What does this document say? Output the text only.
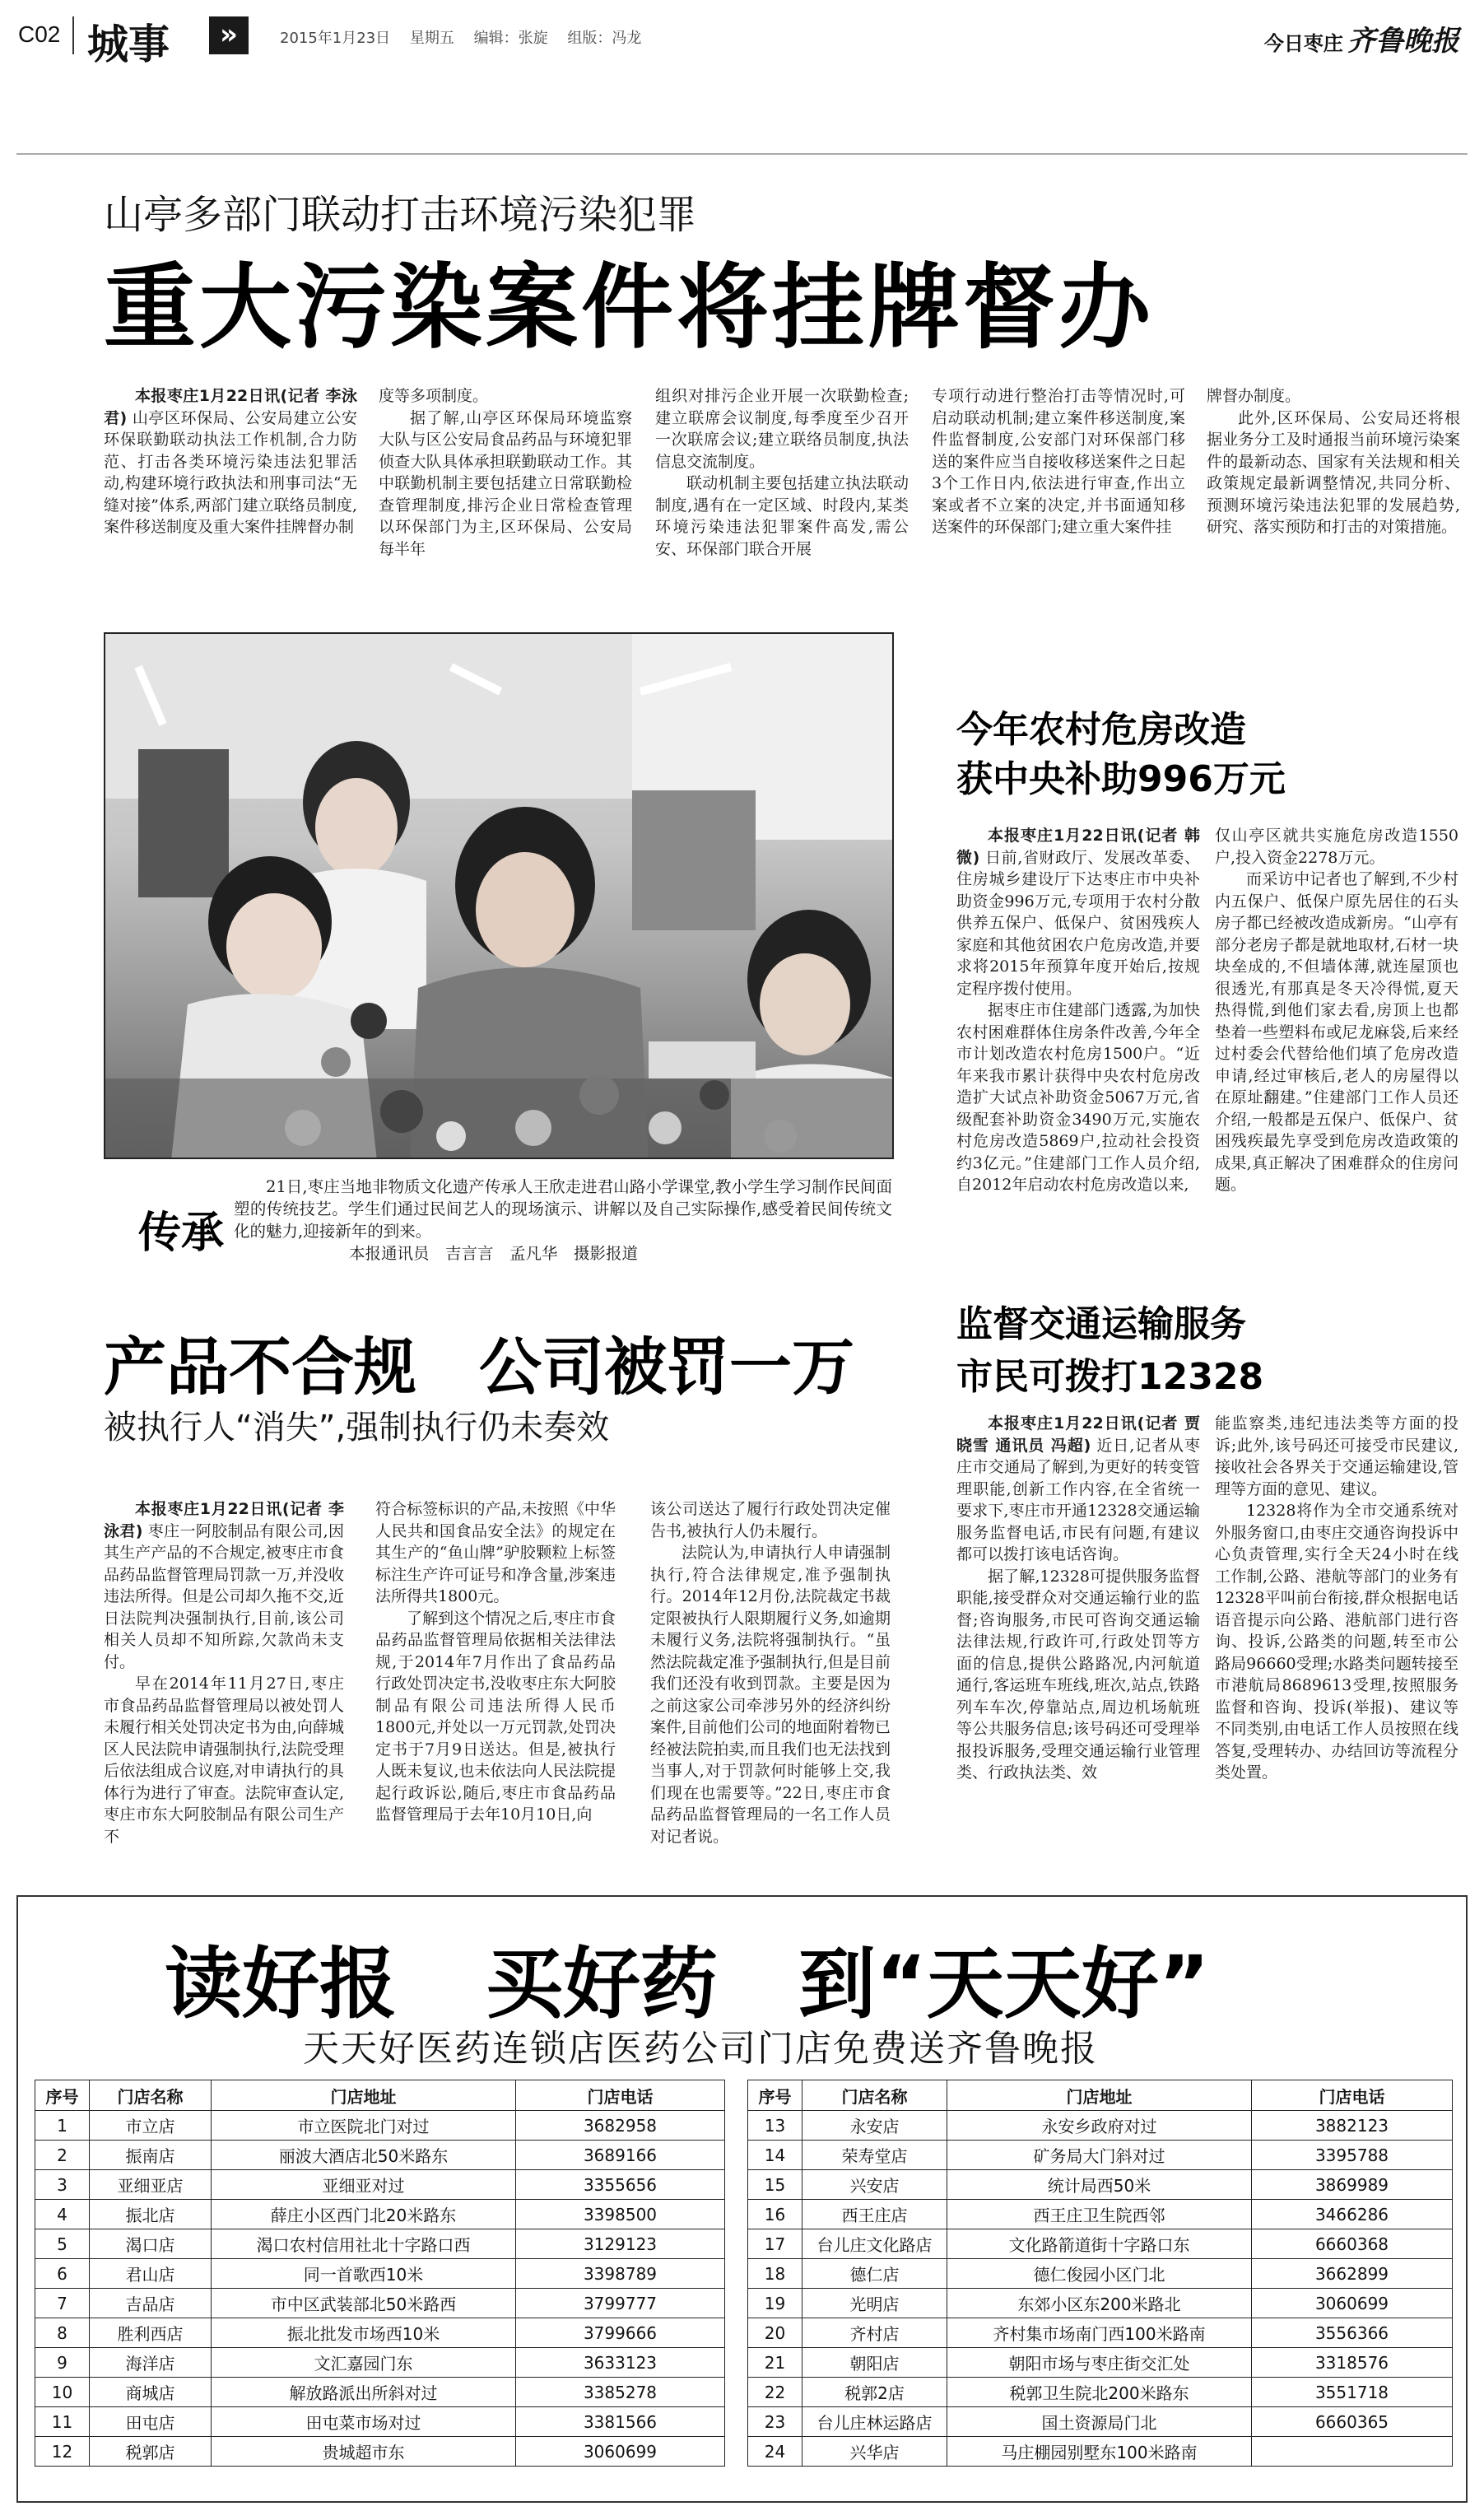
C02 城事	»	2015年1月23日　 星期五　 编辑：张旋　 组版：冯龙	今日枣庄 齐鲁晚报
山亭多部门联动打击环境污染犯罪
重大污染案件将挂牌督办

本报枣庄1月22日讯(记者 李泳君) 山亭区环保局、公安局建立公安环保联勤联动执法工作机制,合力防范、打击各类环境污染违法犯罪活动,构建环境行政执法和刑事司法“无缝对接”体系,两部门建立联络员制度,案件移送制度及重大案件挂牌督办制

度等多项制度。

据了解,山亭区环保局环境监察大队与区公安局食品药品与环境犯罪侦查大队具体承担联勤联动工作。其中联勤机制主要包括建立日常联勤检查管理制度,排污企业日常检查管理以环保部门为主,区环保局、公安局每半年

组织对排污企业开展一次联勤检查;建立联席会议制度,每季度至少召开一次联席会议;建立联络员制度,执法信息交流制度。

联动机制主要包括建立执法联动制度,遇有在一定区域、时段内,某类环境污染违法犯罪案件高发,需公安、环保部门联合开展

专项行动进行整治打击等情况时,可启动联动机制;建立案件移送制度,案件监督制度,公安部门对环保部门移送的案件应当自接收移送案件之日起3个工作日内,依法进行审查,作出立案或者不立案的决定,并书面通知移送案件的环保部门;建立重大案件挂

牌督办制度。

此外,区环保局、公安局还将根据业务分工及时通报当前环境污染案件的最新动态、国家有关法规和相关政策规定最新调整情况,共同分析、预测环境污染违法犯罪的发展趋势,研究、落实预防和打击的对策措施。

传承

21日,枣庄当地非物质文化遗产传承人王欣走进君山路小学课堂,教小学生学习制作民间面塑的传统技艺。学生们通过民间艺人的现场演示、讲解以及自己实际操作,感受着民间传统文化的魅力,迎接新年的到来。

本报通讯员　吉言言　孟凡华　摄影报道

今年农村危房改造
获中央补助996万元

本报枣庄1月22日讯(记者 韩微) 日前,省财政厅、发展改革委、住房城乡建设厅下达枣庄市中央补助资金996万元,专项用于农村分散供养五保户、低保户、贫困残疾人家庭和其他贫困农户危房改造,并要求将2015年预算年度开始后,按规定程序拨付使用。

据枣庄市住建部门透露,为加快农村困难群体住房条件改善,今年全市计划改造农村危房1500户。“近年来我市累计获得中央农村危房改造扩大试点补助资金5067万元,省级配套补助资金3490万元,实施农村危房改造5869户,拉动社会投资约3亿元。”住建部门工作人员介绍,自2012年启动农村危房改造以来,

仅山亭区就共实施危房改造1550户,投入资金2278万元。

而采访中记者也了解到,不少村内五保户、低保户原先居住的石头房子都已经被改造成新房。“山亭有部分老房子都是就地取材,石材一块块垒成的,不但墙体薄,就连屋顶也很透光,有那真是冬天冷得慌,夏天热得慌,到他们家去看,房顶上也都垫着一些塑料布或尼龙麻袋,后来经过村委会代替给他们填了危房改造申请,经过审核后,老人的房屋得以在原址翻建。”住建部门工作人员还介绍,一般都是五保户、低保户、贫困残疾最先享受到危房改造政策的成果,真正解决了困难群众的住房问题。

产品不合规　公司被罚一万
被执行人“消失”,强制执行仍未奏效

本报枣庄1月22日讯(记者 李泳君) 枣庄一阿胶制品有限公司,因其生产产品的不合规定,被枣庄市食品药品监督管理局罚款一万,并没收违法所得。但是公司却久拖不交,近日法院判决强制执行,目前,该公司相关人员却不知所踪,欠款尚未支付。

早在2014年11月27日,枣庄市食品药品监督管理局以被处罚人未履行相关处罚决定书为由,向薛城区人民法院申请强制执行,法院受理后依法组成合议庭,对申请执行的具体行为进行了审查。法院审查认定,枣庄市东大阿胶制品有限公司生产不

符合标签标识的产品,未按照《中华人民共和国食品安全法》的规定在其生产的“鱼山牌”驴胶颗粒上标签标注生产许可证号和净含量,涉案违法所得共1800元。

了解到这个情况之后,枣庄市食品药品监督管理局依据相关法律法规,于2014年7月作出了食品药品行政处罚决定书,没收枣庄东大阿胶制品有限公司违法所得人民币1800元,并处以一万元罚款,处罚决定书于7月9日送达。但是,被执行人既未复议,也未依法向人民法院提起行政诉讼,随后,枣庄市食品药品监督管理局于去年10月10日,向

该公司送达了履行行政处罚决定催告书,被执行人仍未履行。

法院认为,申请执行人申请强制执行,符合法律规定,准予强制执行。2014年12月份,法院裁定书裁定限被执行人限期履行义务,如逾期未履行义务,法院将强制执行。“虽然法院裁定准予强制执行,但是目前我们还没有收到罚款。主要是因为之前这家公司牵涉另外的经济纠纷案件,目前他们公司的地面附着物已经被法院拍卖,而且我们也无法找到当事人,对于罚款何时能够上交,我们现在也需要等。”22日,枣庄市食品药品监督管理局的一名工作人员对记者说。

监督交通运输服务
市民可拨打12328

本报枣庄1月22日讯(记者 贾晓雪 通讯员 冯超) 近日,记者从枣庄市交通局了解到,为更好的转变管理职能,创新工作内容,在全省统一要求下,枣庄市开通12328交通运输服务监督电话,市民有问题,有建议都可以拨打该电话咨询。

据了解,12328可提供服务监督职能,接受群众对交通运输行业的监督;咨询服务,市民可咨询交通运输法律法规,行政许可,行政处罚等方面的信息,提供公路路况,内河航道通行,客运班车班线,班次,站点,铁路列车车次,停靠站点,周边机场航班等公共服务信息;该号码还可受理举报投诉服务,受理交通运输行业管理类、行政执法类、效

能监察类,违纪违法类等方面的投诉;此外,该号码还可接受市民建议,接收社会各界关于交通运输建设,管理等方面的意见、建议。

12328将作为全市交通系统对外服务窗口,由枣庄交通咨询投诉中心负责管理,实行全天24小时在线工作制,公路、港航等部门的业务有12328平叫前台衔接,群众根据电话语音提示向公路、港航部门进行咨询、投诉,公路类的问题,转至市公路局96660受理;水路类问题转接至市港航局8689613受理,按照服务监督和咨询、投诉(举报)、建议等不同类别,由电话工作人员按照在线答复,受理转办、办结回访等流程分类处置。

读好报 买好药 到“天天好”
天天好医药连锁店医药公司门店免费送齐鲁晚报
序号	门店名称	门店地址	门店电话
1	市立店	市立医院北门对过	3682958
2	振南店	丽波大酒店北50米路东	3689166
3	亚细亚店	亚细亚对过	3355656
4	振北店	薛庄小区西门北20米路东	3398500
5	渴口店	渴口农村信用社北十字路口西	3129123
6	君山店	同一首歌西10米	3398789
7	吉品店	市中区武装部北50米路西	3799777
8	胜利西店	振北批发市场西10米	3799666
9	海洋店	文汇嘉园门东	3633123
10	商城店	解放路派出所斜对过	3385278
11	田屯店	田屯菜市场对过	3381566
12	税郭店	贵城超市东	3060699
序号	门店名称	门店地址	门店电话
13	永安店	永安乡政府对过	3882123
14	荣寿堂店	矿务局大门斜对过	3395788
15	兴安店	统计局西50米	3869989
16	西王庄店	西王庄卫生院西邻	3466286
17	台儿庄文化路店	文化路箭道街十字路口东	6660368
18	德仁店	德仁俊园小区门北	3662899
19	光明店	东郊小区东200米路北	3060699
20	齐村店	齐村集市场南门西100米路南	3556366
21	朝阳店	朝阳市场与枣庄街交汇处	3318576
22	税郭2店	税郭卫生院北200米路东	3551718
23	台儿庄林运路店	国土资源局门北	6660365
24	兴华店	马庄棚园别墅东100米路南	
